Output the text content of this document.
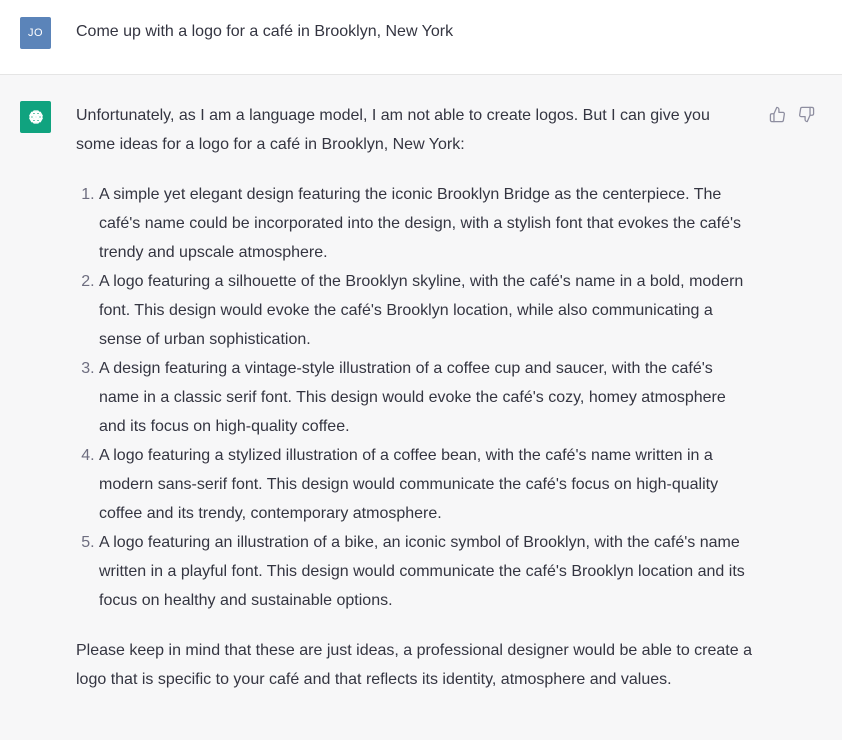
JO Come up with a logo for a café in Brooklyn, New York

Unfortunately, as I am a language model, I am not able to create logos. But I can give you some ideas for a logo for a café in Brooklyn, New York:

1. A simple yet elegant design featuring the iconic Brooklyn Bridge as the centerpiece. The café's name could be incorporated into the design, with a stylish font that evokes the café's trendy and upscale atmosphere.
2. A logo featuring a silhouette of the Brooklyn skyline, with the café's name in a bold, modern font. This design would evoke the café's Brooklyn location, while also communicating a sense of urban sophistication.
3. A design featuring a vintage-style illustration of a coffee cup and saucer, with the café's name in a classic serif font. This design would evoke the café's cozy, homey atmosphere and its focus on high-quality coffee.
4. A logo featuring a stylized illustration of a coffee bean, with the café's name written in a modern sans-serif font. This design would communicate the café's focus on high-quality coffee and its trendy, contemporary atmosphere.
5. A logo featuring an illustration of a bike, an iconic symbol of Brooklyn, with the café's name written in a playful font. This design would communicate the café's Brooklyn location and its focus on healthy and sustainable options.

Please keep in mind that these are just ideas, a professional designer would be able to create a logo that is specific to your café and that reflects its identity, atmosphere and values.
